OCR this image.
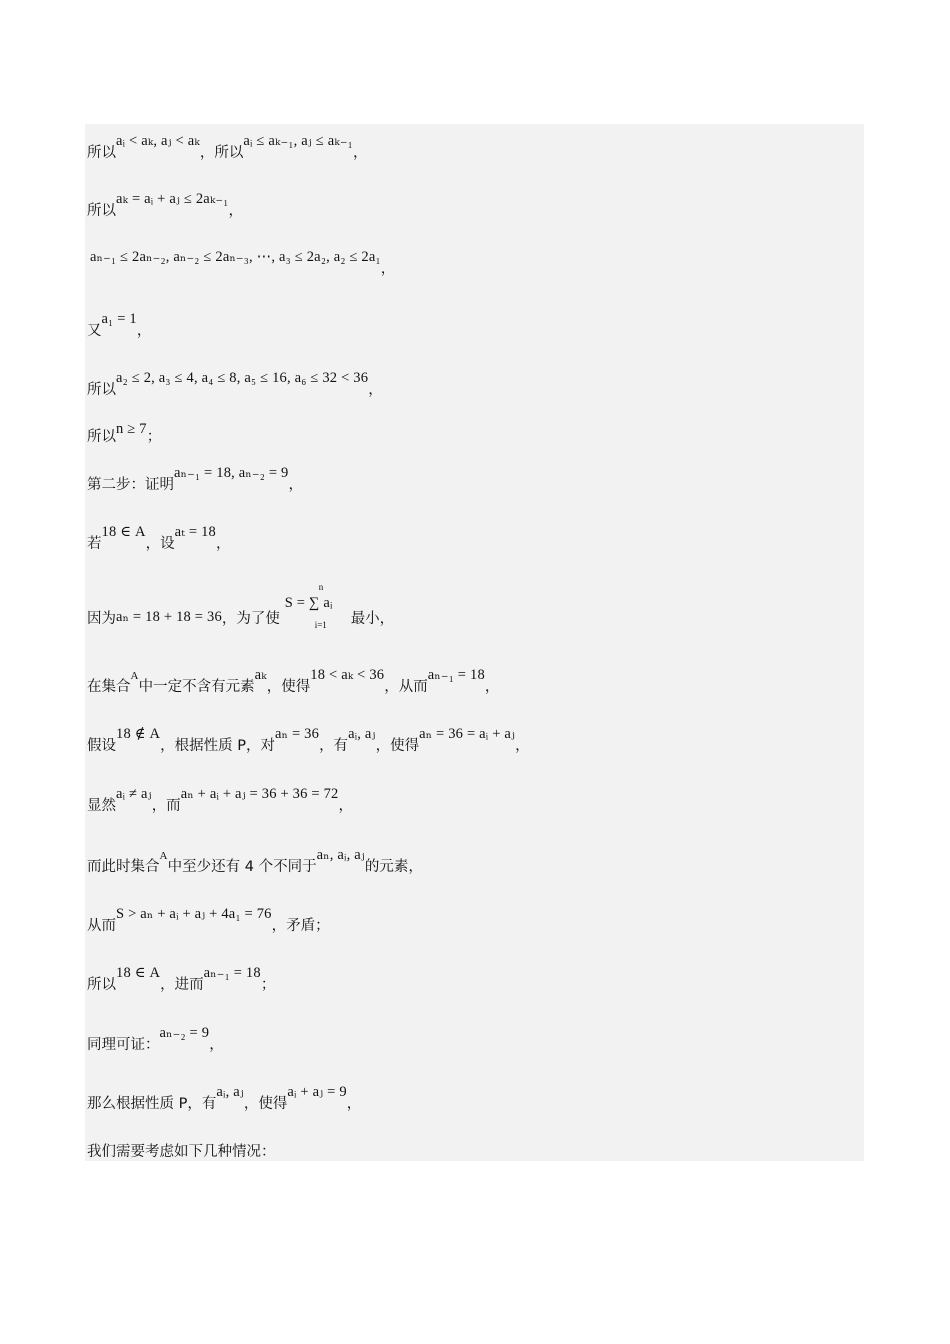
所以aᵢ < aₖ, aⱼ < aₖ，所以aᵢ ≤ aₖ₋₁, aⱼ ≤ aₖ₋₁，
所以aₖ = aᵢ + aⱼ ≤ 2aₖ₋₁，
aₙ₋₁ ≤ 2aₙ₋₂, aₙ₋₂ ≤ 2aₙ₋₃, ⋯, a₃ ≤ 2a₂, a₂ ≤ 2a₁，
又a₁ = 1，
所以a₂ ≤ 2, a₃ ≤ 4, a₄ ≤ 8, a₅ ≤ 16, a₆ ≤ 32 < 36，
所以n ≥ 7；
第二步：证明aₙ₋₁ = 18, aₙ₋₂ = 9，
若18 ∈ A，设aₜ = 18，
因为aₙ = 18 + 18 = 36，为了使
n
S = ∑ aᵢ
i=1 最小，
在集合$^A$中一定不含有元素aₖ，使得18 < aₖ < 36，从而aₙ₋₁ = 18，
假设18 ∉ A，根据性质 P，对aₙ = 36，有aᵢ, aⱼ，使得aₙ = 36 = aᵢ + aⱼ，
显然aᵢ ≠ aⱼ，而aₙ + aᵢ + aⱼ = 36 + 36 = 72，
而此时集合$^A$中至少还有 4 个不同于aₙ, aᵢ, aⱼ的元素，
从而S > aₙ + aᵢ + aⱼ + 4a₁ = 76，矛盾；
所以18 ∈ A，进而aₙ₋₁ = 18；
同理可证：aₙ₋₂ = 9，
那么根据性质 P，有aᵢ, aⱼ，使得aᵢ + aⱼ = 9，
我们需要考虑如下几种情况：
